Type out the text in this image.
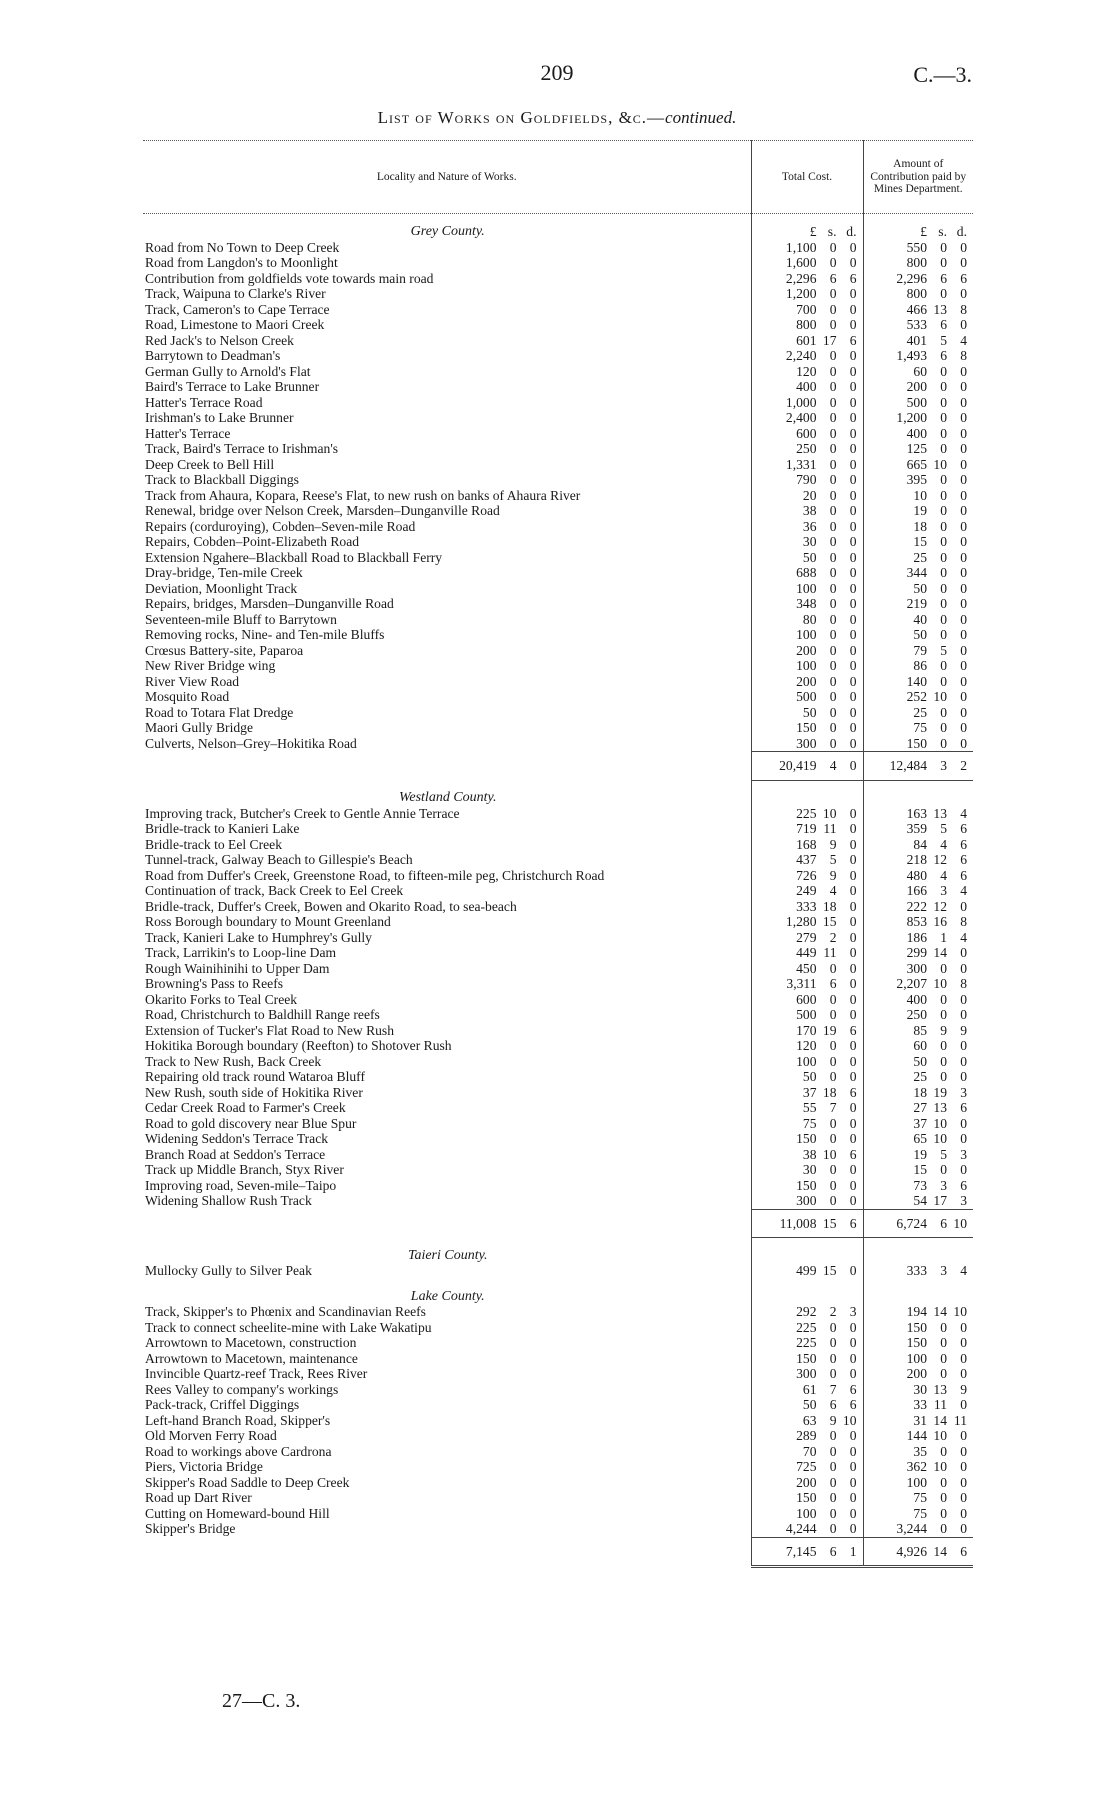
209	C.—3.
List of Works on Goldfields, &c.—continued.
Locality and Nature of Works.	Total Cost.	Amount of Contribution paid by Mines Department.
Grey County.	£ s. d.	£ s. d.

Road from No Town to Deep Creek	1,100 0 0	550 0 0

Road from Langdon's to Moonlight	1,600 0 0	800 0 0

Contribution from goldfields vote towards main road	2,296 6 6	2,296 6 6

Track, Waipuna to Clarke's River	1,200 0 0	800 0 0

Track, Cameron's to Cape Terrace	700 0 0	466 13 8

Road, Limestone to Maori Creek	800 0 0	533 6 0

Red Jack's to Nelson Creek	601 17 6	401 5 4

Barrytown to Deadman's	2,240 0 0	1,493 6 8

German Gully to Arnold's Flat	120 0 0	60 0 0

Baird's Terrace to Lake Brunner	400 0 0	200 0 0

Hatter's Terrace Road	1,000 0 0	500 0 0

Irishman's to Lake Brunner	2,400 0 0	1,200 0 0

Hatter's Terrace	600 0 0	400 0 0

Track, Baird's Terrace to Irishman's	250 0 0	125 0 0

Deep Creek to Bell Hill	1,331 0 0	665 10 0

Track to Blackball Diggings	790 0 0	395 0 0

Track from Ahaura, Kopara, Reese's Flat, to new rush on banks of Ahaura River	20 0 0	10 0 0

Renewal, bridge over Nelson Creek, Marsden–Dunganville Road	38 0 0	19 0 0

Repairs (corduroying), Cobden–Seven-mile Road	36 0 0	18 0 0

Repairs, Cobden–Point-Elizabeth Road	30 0 0	15 0 0

Extension Ngahere–Blackball Road to Blackball Ferry	50 0 0	25 0 0

Dray-bridge, Ten-mile Creek	688 0 0	344 0 0

Deviation, Moonlight Track	100 0 0	50 0 0

Repairs, bridges, Marsden–Dunganville Road	348 0 0	219 0 0

Seventeen-mile Bluff to Barrytown	80 0 0	40 0 0

Removing rocks, Nine- and Ten-mile Bluffs	100 0 0	50 0 0

Crœsus Battery-site, Paparoa	200 0 0	79 5 0

New River Bridge wing	100 0 0	86 0 0

River View Road	200 0 0	140 0 0

Mosquito Road	500 0 0	252 10 0

Road to Totara Flat Dredge	50 0 0	25 0 0

Maori Gully Bridge	150 0 0	75 0 0

Culverts, Nelson–Grey–Hokitika Road	300 0 0	150 0 0

	20,419 4 0	12,484 3 2

Westland County.		
Improving track, Butcher's Creek to Gentle Annie Terrace	225 10 0	163 13 4

Bridle-track to Kanieri Lake	719 11 0	359 5 6

Bridle-track to Eel Creek	168 9 0	84 4 6

Tunnel-track, Galway Beach to Gillespie's Beach	437 5 0	218 12 6

Road from Duffer's Creek, Greenstone Road, to fifteen-mile peg, Christchurch Road	726 9 0	480 4 6

Continuation of track, Back Creek to Eel Creek	249 4 0	166 3 4

Bridle-track, Duffer's Creek, Bowen and Okarito Road, to sea-beach	333 18 0	222 12 0

Ross Borough boundary to Mount Greenland	1,280 15 0	853 16 8

Track, Kanieri Lake to Humphrey's Gully	279 2 0	186 1 4

Track, Larrikin's to Loop-line Dam	449 11 0	299 14 0

Rough Wainihinihi to Upper Dam	450 0 0	300 0 0

Browning's Pass to Reefs	3,311 6 0	2,207 10 8

Okarito Forks to Teal Creek	600 0 0	400 0 0

Road, Christchurch to Baldhill Range reefs	500 0 0	250 0 0

Extension of Tucker's Flat Road to New Rush	170 19 6	85 9 9

Hokitika Borough boundary (Reefton) to Shotover Rush	120 0 0	60 0 0

Track to New Rush, Back Creek	100 0 0	50 0 0

Repairing old track round Wataroa Bluff	50 0 0	25 0 0

New Rush, south side of Hokitika River	37 18 6	18 19 3

Cedar Creek Road to Farmer's Creek	55 7 0	27 13 6

Road to gold discovery near Blue Spur	75 0 0	37 10 0

Widening Seddon's Terrace Track	150 0 0	65 10 0

Branch Road at Seddon's Terrace	38 10 6	19 5 3

Track up Middle Branch, Styx River	30 0 0	15 0 0

Improving road, Seven-mile–Taipo	150 0 0	73 3 6

Widening Shallow Rush Track	300 0 0	54 17 3

	11,008 15 6	6,724 6 10

Taieri County.		
Mullocky Gully to Silver Peak	499 15 0	333 3 4

Lake County.		
Track, Skipper's to Phœnix and Scandinavian Reefs	292 2 3	194 14 10

Track to connect scheelite-mine with Lake Wakatipu	225 0 0	150 0 0

Arrowtown to Macetown, construction	225 0 0	150 0 0

Arrowtown to Macetown, maintenance	150 0 0	100 0 0

Invincible Quartz-reef Track, Rees River	300 0 0	200 0 0

Rees Valley to company's workings	61 7 6	30 13 9

Pack-track, Criffel Diggings	50 6 6	33 11 0

Left-hand Branch Road, Skipper's	63 9 10	31 14 11

Old Morven Ferry Road	289 0 0	144 10 0

Road to workings above Cardrona	70 0 0	35 0 0

Piers, Victoria Bridge	725 0 0	362 10 0

Skipper's Road Saddle to Deep Creek	200 0 0	100 0 0

Road up Dart River	150 0 0	75 0 0

Cutting on Homeward-bound Hill	100 0 0	75 0 0

Skipper's Bridge	4,244 0 0	3,244 0 0

	7,145 6 1	4,926 14 6
27—C. 3.
